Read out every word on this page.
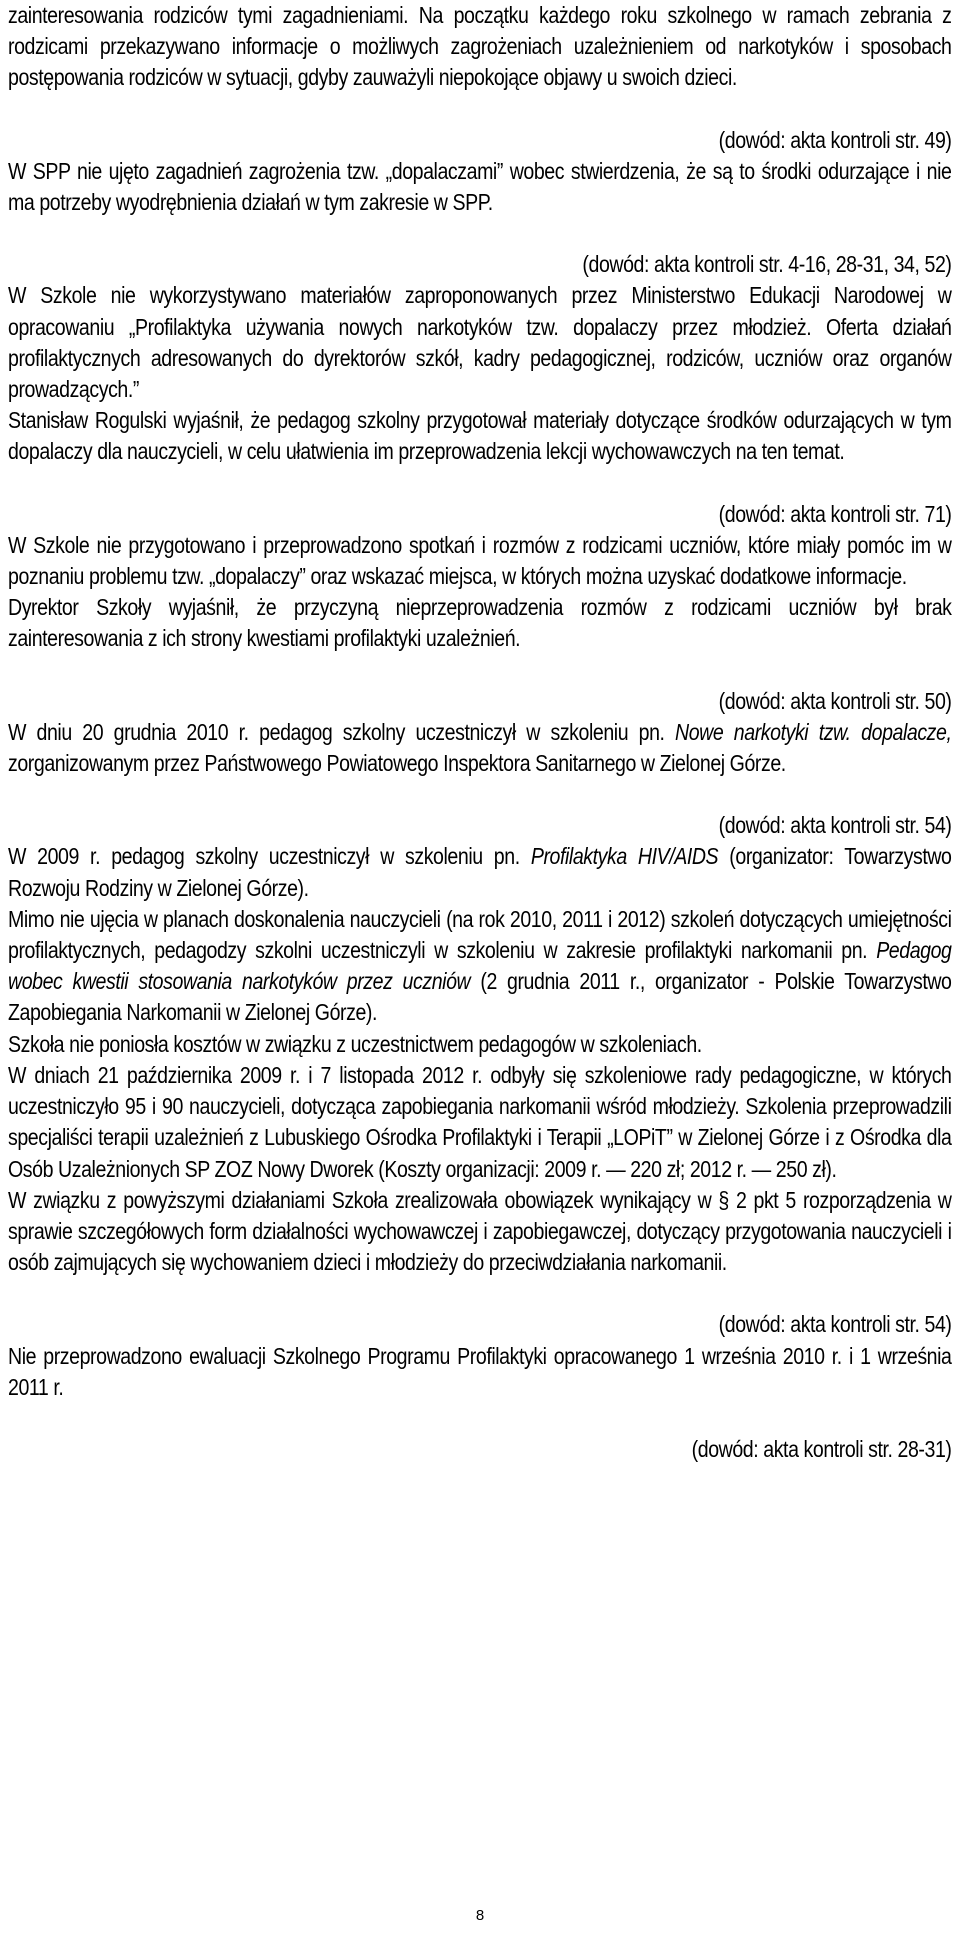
zainteresowania rodziców tymi zagadnieniami. Na początku każdego roku szkolnego w ramach zebrania z rodzicami przekazywano informacje o możliwych zagrożeniach uzależnieniem od narkotyków i sposobach postępowania rodziców w sytuacji, gdyby zauważyli niepokojące objawy u swoich dzieci.

(dowód: akta kontroli str. 49)

W SPP nie ujęto zagadnień zagrożenia tzw. „dopalaczami” wobec stwierdzenia, że są to środki odurzające i nie ma potrzeby wyodrębnienia działań w tym zakresie w SPP.

(dowód: akta kontroli str. 4-16, 28-31, 34, 52)

W Szkole nie wykorzystywano materiałów zaproponowanych przez Ministerstwo Edukacji Narodowej w opracowaniu „Profilaktyka używania nowych narkotyków tzw. dopalaczy przez młodzież. Oferta działań profilaktycznych adresowanych do dyrektorów szkół, kadry pedagogicznej, rodziców, uczniów oraz organów prowadzących.”

Stanisław Rogulski wyjaśnił, że pedagog szkolny przygotował materiały dotyczące środków odurzających w tym dopalaczy dla nauczycieli, w celu ułatwienia im przeprowadzenia lekcji wychowawczych na ten temat.

(dowód: akta kontroli str. 71)

W Szkole nie przygotowano i przeprowadzono spotkań i rozmów z rodzicami uczniów, które miały pomóc im w poznaniu problemu tzw. „dopalaczy” oraz wskazać miejsca, w których można uzyskać dodatkowe informacje.

Dyrektor Szkoły wyjaśnił, że przyczyną nieprzeprowadzenia rozmów z rodzicami uczniów był brak zainteresowania z ich strony kwestiami profilaktyki uzależnień.

(dowód: akta kontroli str. 50)

W dniu 20 grudnia 2010 r. pedagog szkolny uczestniczył w szkoleniu pn. Nowe narkotyki tzw. dopalacze, zorganizowanym przez Państwowego Powiatowego Inspektora Sanitarnego w Zielonej Górze.

(dowód: akta kontroli str. 54)

W 2009 r. pedagog szkolny uczestniczył w szkoleniu pn. Profilaktyka HIV/AIDS (organizator: Towarzystwo Rozwoju Rodziny w Zielonej Górze).

Mimo nie ujęcia w planach doskonalenia nauczycieli (na rok 2010, 2011 i 2012) szkoleń dotyczących umiejętności profilaktycznych, pedagodzy szkolni uczestniczyli w szkoleniu w zakresie profilaktyki narkomanii pn. Pedagog wobec kwestii stosowania narkotyków przez uczniów (2 grudnia 2011 r., organizator - Polskie Towarzystwo Zapobiegania Narkomanii w Zielonej Górze).

Szkoła nie poniosła kosztów w związku z uczestnictwem pedagogów w szkoleniach.

W dniach 21 października 2009 r. i 7 listopada 2012 r. odbyły się szkoleniowe rady pedagogiczne, w których uczestniczyło 95 i 90 nauczycieli, dotycząca zapobiegania narkomanii wśród młodzieży. Szkolenia przeprowadzili specjaliści terapii uzależnień z Lubuskiego Ośrodka Profilaktyki i Terapii „LOPiT” w Zielonej Górze i z Ośrodka dla Osób Uzależnionych SP ZOZ Nowy Dworek (Koszty organizacji: 2009 r. — 220 zł; 2012 r. — 250 zł).

W związku z powyższymi działaniami Szkoła zrealizowała obowiązek wynikający w § 2 pkt 5 rozporządzenia w sprawie szczegółowych form działalności wychowawczej i zapobiegawczej, dotyczący przygotowania nauczycieli i osób zajmujących się wychowaniem dzieci i młodzieży do przeciwdziałania narkomanii.

(dowód: akta kontroli str. 54)

Nie przeprowadzono ewaluacji Szkolnego Programu Profilaktyki opracowanego 1 września 2010 r. i 1 września 2011 r.

(dowód: akta kontroli str. 28-31)

8
